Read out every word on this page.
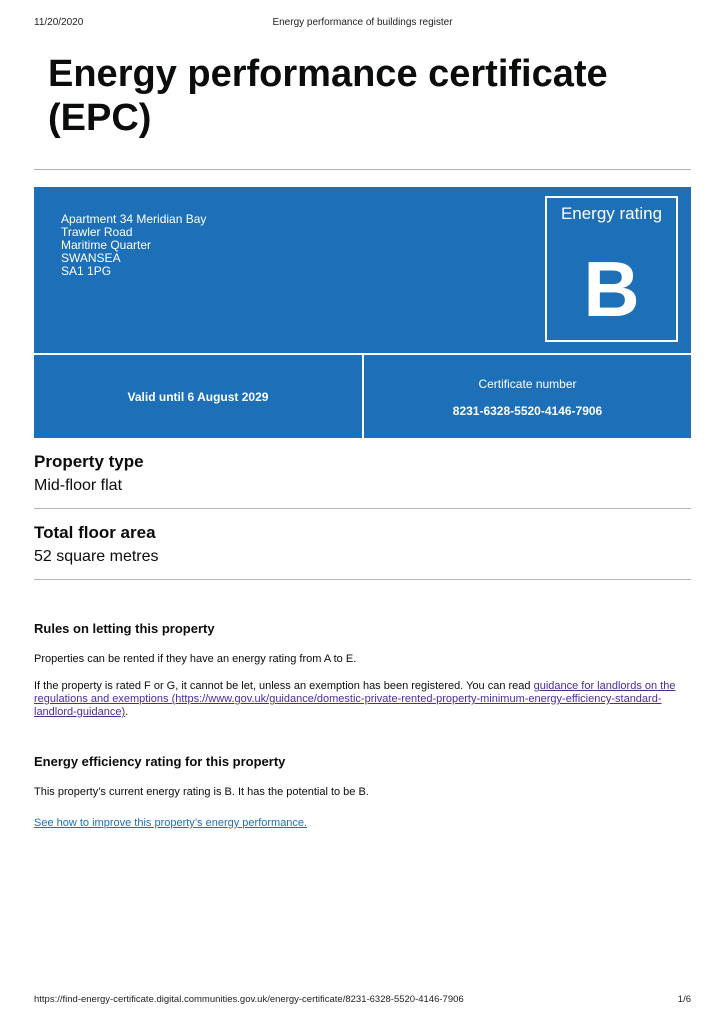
11/20/2020	Energy performance of buildings register
Energy performance certificate (EPC)
Apartment 34 Meridian Bay
Trawler Road
Maritime Quarter
SWANSEA
SA1 1PG
Energy rating
B
Valid until 6 August 2029
Certificate number
8231-6328-5520-4146-7906
Property type
Mid-floor flat
Total floor area
52 square metres
Rules on letting this property
Properties can be rented if they have an energy rating from A to E.
If the property is rated F or G, it cannot be let, unless an exemption has been registered. You can read guidance for landlords on the regulations and exemptions (https://www.gov.uk/guidance/domestic-private-rented-property-minimum-energy-efficiency-standard-landlord-guidance).
Energy efficiency rating for this property
This property’s current energy rating is B. It has the potential to be B.
See how to improve this property’s energy performance.
https://find-energy-certificate.digital.communities.gov.uk/energy-certificate/8231-6328-5520-4146-7906	1/6
